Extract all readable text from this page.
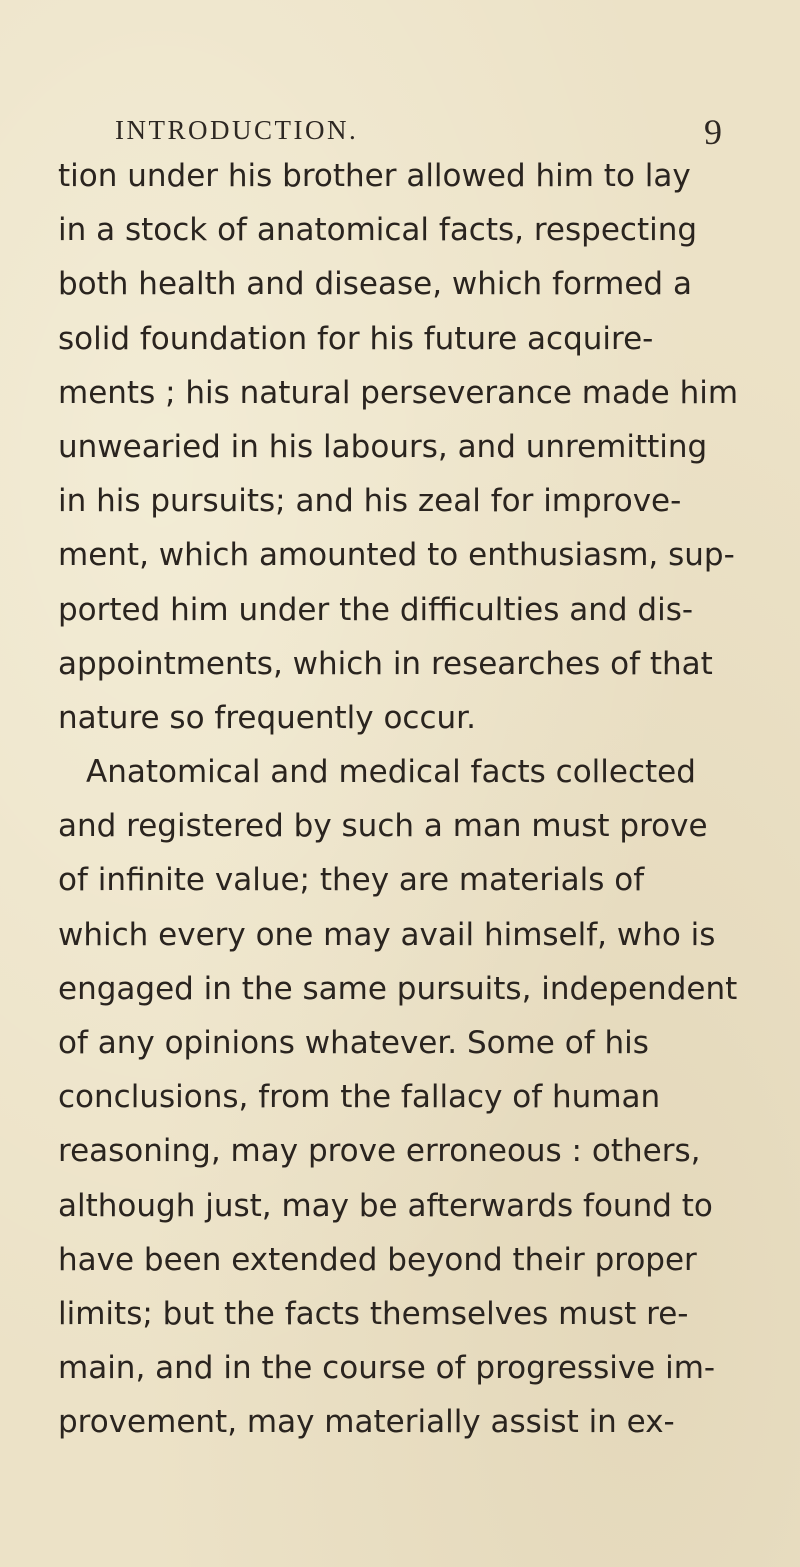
INTRODUCTION.	9
tion under his brother allowed him to lay
in a stock of anatomical facts, respecting
both health and disease, which formed a
solid foundation for his future acquire-
ments ; his natural perseverance made him
unwearied in his labours, and unremitting
in his pursuits; and his zeal for improve-
ment, which amounted to enthusiasm, sup-
ported him under the difficulties and dis-
appointments, which in researches of that
nature so frequently occur.
Anatomical and medical facts collected
and registered by such a man must prove
of infinite value; they are materials of
which every one may avail himself, who is
engaged in the same pursuits, independent
of any opinions whatever. Some of his
conclusions, from the fallacy of human
reasoning, may prove erroneous : others,
although just, may be afterwards found to
have been extended beyond their proper
limits; but the facts themselves must re-
main, and in the course of progressive im-
provement, may materially assist in ex-
